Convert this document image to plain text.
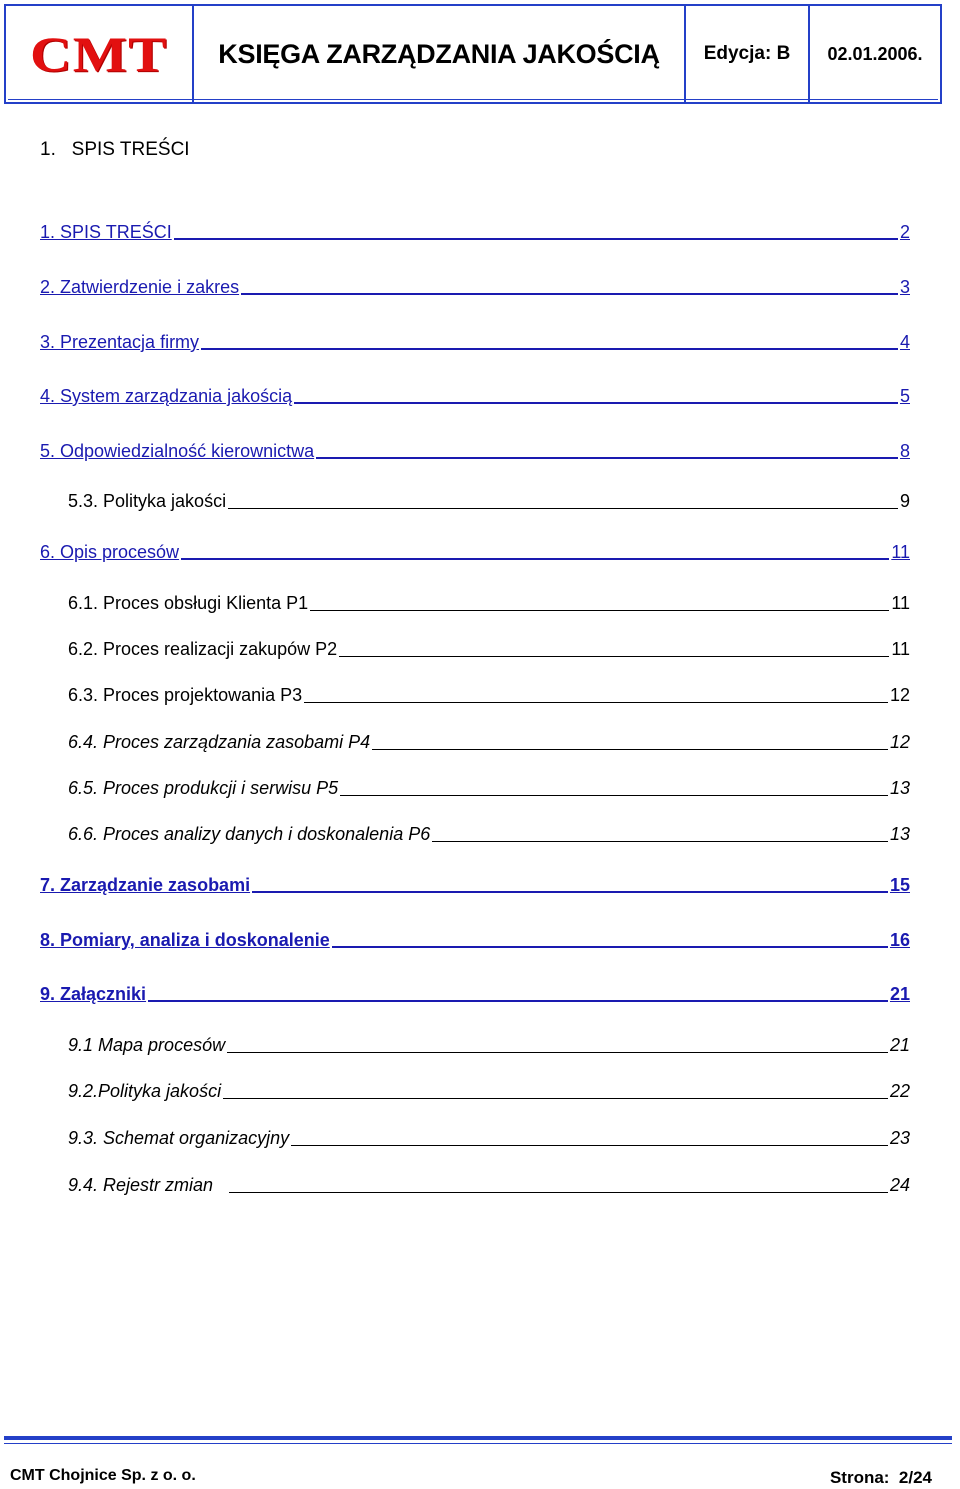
CMT KSIĘGA ZARZĄDZANIA JAKOŚCIĄ Edycja: B 02.01.2006.
1.   SPIS TREŚCI
1. SPIS TREŚCI	2
2. Zatwierdzenie i zakres	3
3. Prezentacja firmy	4
4. System zarządzania jakością	5
5. Odpowiedzialność kierownictwa	8
5.3. Polityka jakości	9
6. Opis procesów	11
6.1. Proces obsługi Klienta P1	11
6.2. Proces realizacji zakupów P2	11
6.3. Proces projektowania P3	12
6.4. Proces zarządzania zasobami P4	12
6.5. Proces produkcji i serwisu P5	13
6.6. Proces analizy danych i doskonalenia P6	13
7. Zarządzanie zasobami	15
8. Pomiary, analiza i doskonalenie	16
9. Załączniki	21
9.1 Mapa procesów	21
9.2.Polityka jakości	22
9.3. Schemat organizacyjny	23
9.4. Rejestr zmian	24
CMT Chojnice Sp. z o. o.	Strona:  2/24
